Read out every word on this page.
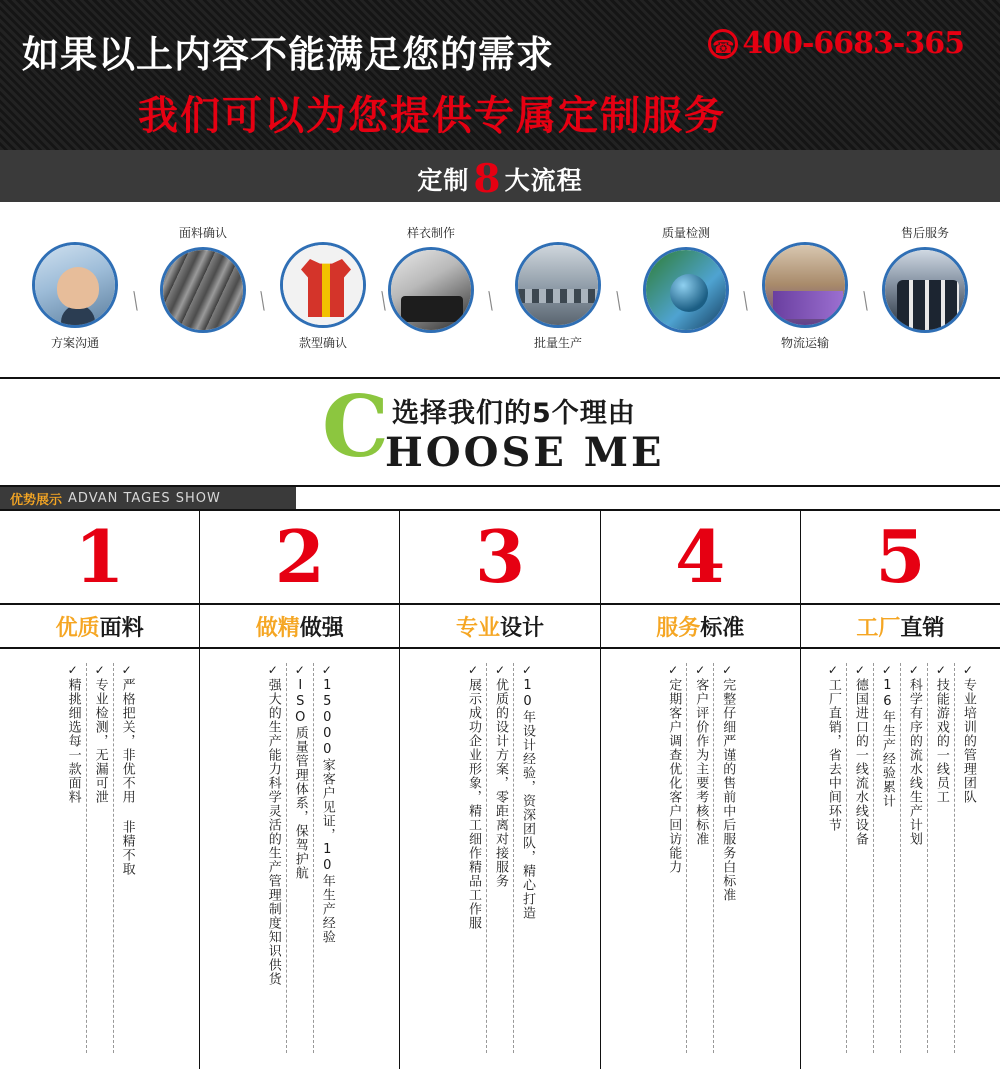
如果以上内容不能满足您的需求	☎ 400-6683-365
我们可以为您提供专属定制服务
定制 8 大流程
方案沟通
╲
面料确认
╲
款型确认
╲
样衣制作
╲
批量生产
╲
质量检测
╲
物流运输
╲
售后服务
C 选择我们的5个理由
HOOSE ME
优势展示 ADVAN TAGES SHOW
1
优质 面料
✓严格把关，非优不用 非精不取
✓专业检测，无漏可泄
✓精挑细选每一款面料
2
做精 做强
✓15000家客户见证，10年生产经验
✓ISO质量管理体系，保驾护航
✓强大的生产能力科学灵活的生产管理制度知识供货
3
专业 设计
✓10年设计经验，资深团队，精心打造
✓优质的设计方案，零距离对接服务
✓展示成功企业形象，精工细作精品工作服
4
服务 标准
✓完整仔细严谨的售前中后服务白标准
✓客户评价作为主要考核标准
✓定期客户调查优化客户回访能力
5
工厂 直销
✓专业培训的管理团队
✓技能游戏的一线员工
✓科学有序的流水线生产计划
✓16年生产经验累计
✓德国进口的一线流水线设备
✓工厂直销，省去中间环节
